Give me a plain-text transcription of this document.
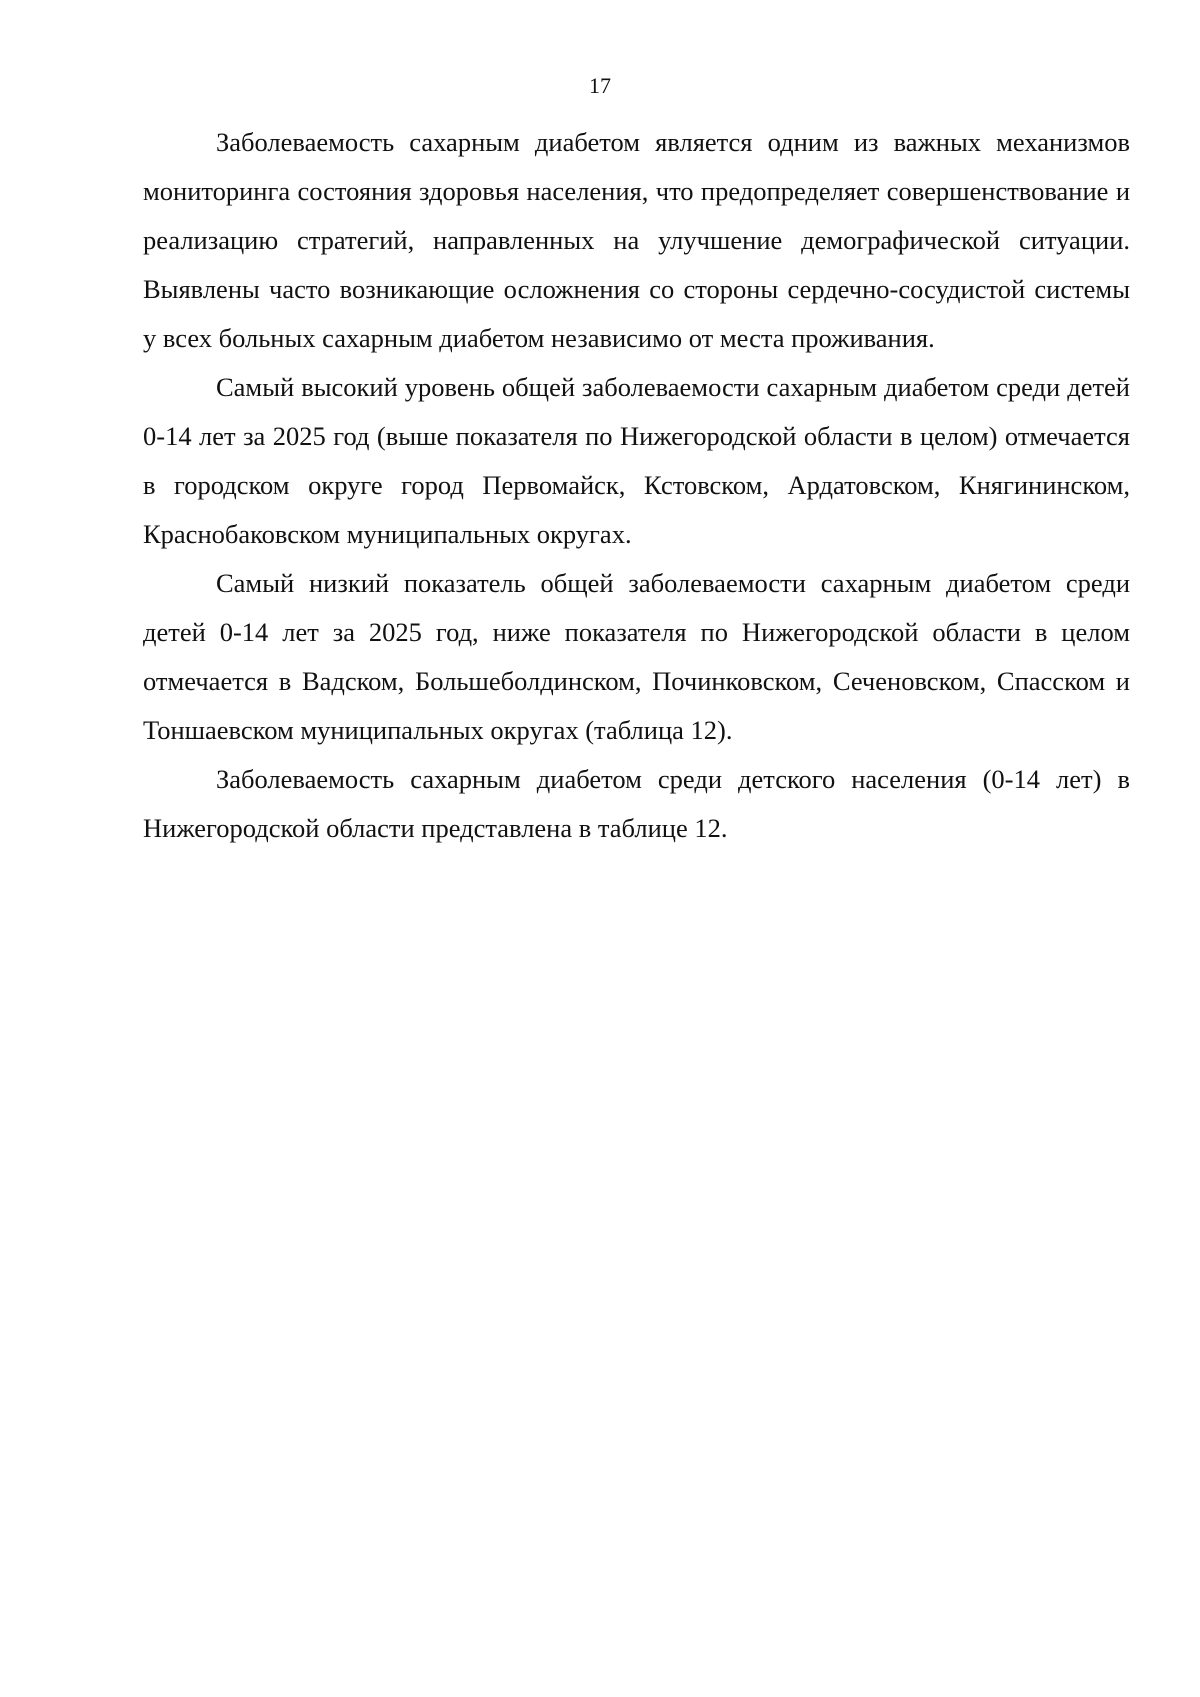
17

Заболеваемость сахарным диабетом является одним из важных механизмов мониторинга состояния здоровья населения, что предопределяет совершенствование и реализацию стратегий, направленных на улучшение демографической ситуации. Выявлены часто возникающие осложнения со стороны сердечно-сосудистой системы у всех больных сахарным диабетом независимо от места проживания.

Самый высокий уровень общей заболеваемости сахарным диабетом среди детей 0-14 лет за 2025 год (выше показателя по Нижегородской области в целом) отмечается в городском округе город Первомайск, Кстовском, Ардатовском, Княгининском, Краснобаковском муниципальных округах.

Самый низкий показатель общей заболеваемости сахарным диабетом среди детей 0-14 лет за 2025 год, ниже показателя по Нижегородской области в целом отмечается в Вадском, Большеболдинском, Починковском, Сеченовском, Спасском и Тоншаевском муниципальных округах (таблица 12).

Заболеваемость сахарным диабетом среди детского населения (0-14 лет) в Нижегородской области представлена в таблице 12.
